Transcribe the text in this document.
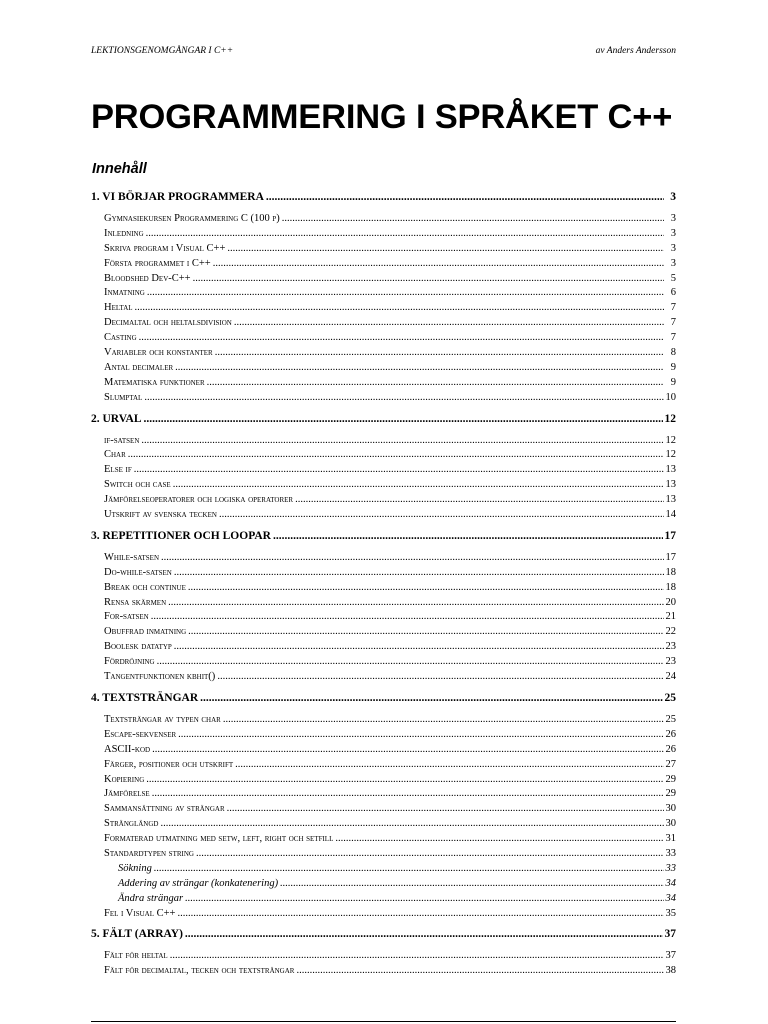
LEKTIONSGENOMGÅNGAR I C++	av Anders Andersson
PROGRAMMERING I SPRÅKET C++
Innehåll
1. VI BÖRJAR PROGRAMMERA .....	3
Gymnasiekursen Programmering C (100 p) .....	3
Inledning .....	3
Skriva program i Visual C++ .....	3
Första programmet i C++ .....	3
Bloodshed Dev-C++ .....	5
Inmatning .....	6
Heltal .....	7
Decimaltal och heltalsdivision .....	7
Casting .....	7
Variabler och konstanter .....	8
Antal decimaler .....	9
Matematiska funktioner .....	9
Slumptal .....	10
2. URVAL .....	12
if-satsen .....	12
Char .....	12
Else if .....	13
Switch och case .....	13
Jämförelseoperatorer och logiska operatorer .....	13
Utskrift av svenska tecken .....	14
3. REPETITIONER OCH LOOPAR .....	17
While-satsen .....	17
Do-while-satsen .....	18
Break och continue .....	18
Rensa skärmen .....	20
For-satsen .....	21
Obuffrad inmatning .....	22
Boolesk datatyp .....	23
Fördröjning .....	23
Tangentfunktionen kbhit() .....	24
4. TEXTSTRÄNGAR .....	25
Textsträngar av typen char .....	25
Escape-sekvenser .....	26
ASCII-kod .....	26
Färger, positioner och utskrift .....	27
Kopiering .....	29
Jämförelse .....	29
Sammansättning av strängar .....	30
Stränglängd .....	30
Formaterad utmatning med setw, left, right och setfill .....	31
Standardtypen string .....	33
Sökning .....	33
Addering av strängar (konkatenering) .....	34
Ändra strängar .....	34
Fel i Visual C++ .....	35
5. FÄLT (ARRAY) .....	37
Fält för heltal .....	37
Fält för decimaltal, tecken och textsträngar .....	38
